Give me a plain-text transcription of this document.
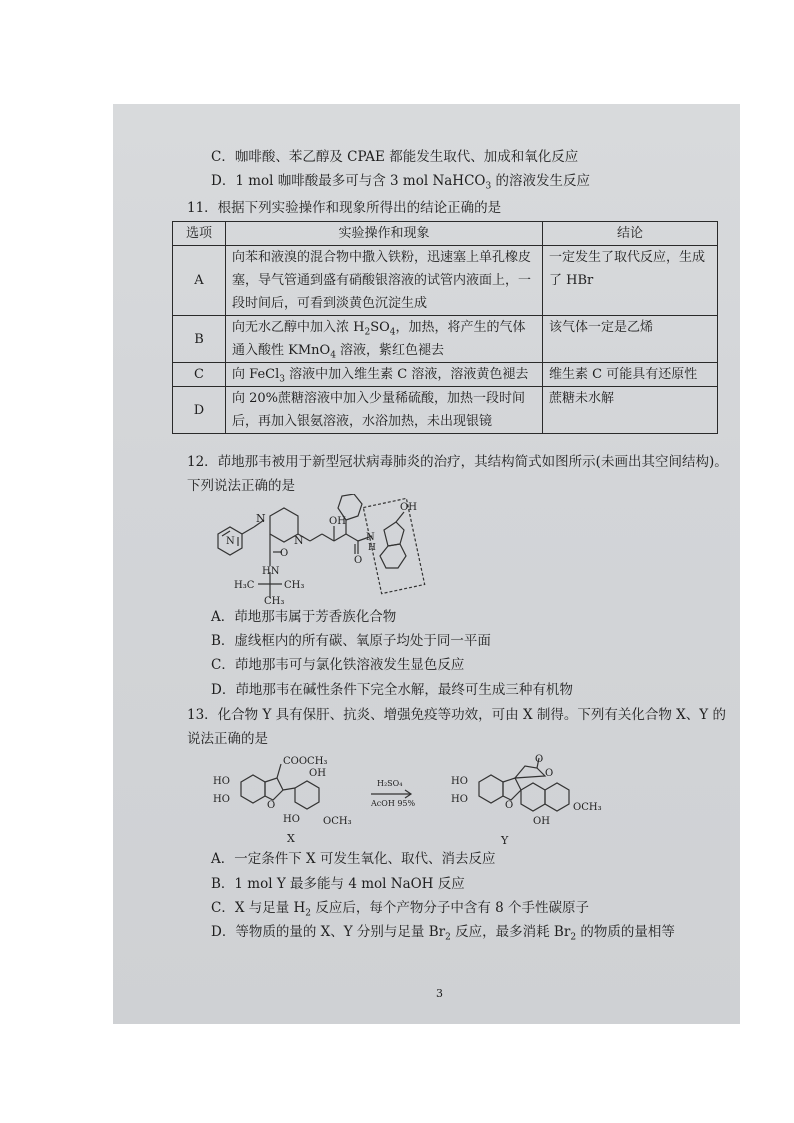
C．咖啡酸、苯乙醇及 CPAE 都能发生取代、加成和氧化反应
D．1 mol 咖啡酸最多可与含 3 mol NaHCO$_3$ 的溶液发生反应
11．根据下列实验操作和现象所得出的结论正确的是
选项	实验操作和现象	结论
A	向苯和液溴的混合物中撒入铁粉，迅速塞上单孔橡皮塞，导气管通到盛有硝酸银溶液的试管内液面上，一段时间后，可看到淡黄色沉淀生成	一定发生了取代反应，生成了 HBr
B	向无水乙醇中加入浓 $H_2SO_4$，加热，将产生的气体通入酸性 KMnO$_4$ 溶液，紫红色褪去	该气体一定是乙烯
C	向 FeCl$_3$ 溶液中加入维生素 C 溶液，溶液黄色褪去	维生素 C 可能具有还原性
D	向 20%蔗糖溶液中加入少量稀硫酸，加热一段时间后，再加入银氨溶液，水浴加热，未出现银镜	蔗糖未水解
12．茚地那韦被用于新型冠状病毒肺炎的治疗，其结构简式如图所示(未画出其空间结构)。
下列说法正确的是
N
N
N
OH
O
N
H
OH
O
HN
H₃C	CH₃
CH₃
A．茚地那韦属于芳香族化合物
B．虚线框内的所有碳、氧原子均处于同一平面
C．茚地那韦可与氯化铁溶液发生显色反应
D．茚地那韦在碱性条件下完全水解，最终可生成三种有机物
13．化合物 Y 具有保肝、抗炎、增强免疫等功效，可由 X 制得。下列有关化合物 X、Y 的
说法正确的是
HO
HO
O
COOCH₃
OH
HO OCH₃
X
H₂SO₄
AcOH 95%
HO
HO
O
O
O
OH
OCH₃
Y
A．一定条件下 X 可发生氧化、取代、消去反应
B．1 mol Y 最多能与 4 mol NaOH 反应
C．X 与足量 $H_2$ 反应后，每个产物分子中含有 8 个手性碳原子
D．等物质的量的 X、Y 分别与足量 $Br_2$ 反应，最多消耗 $Br_2$ 的物质的量相等
3
